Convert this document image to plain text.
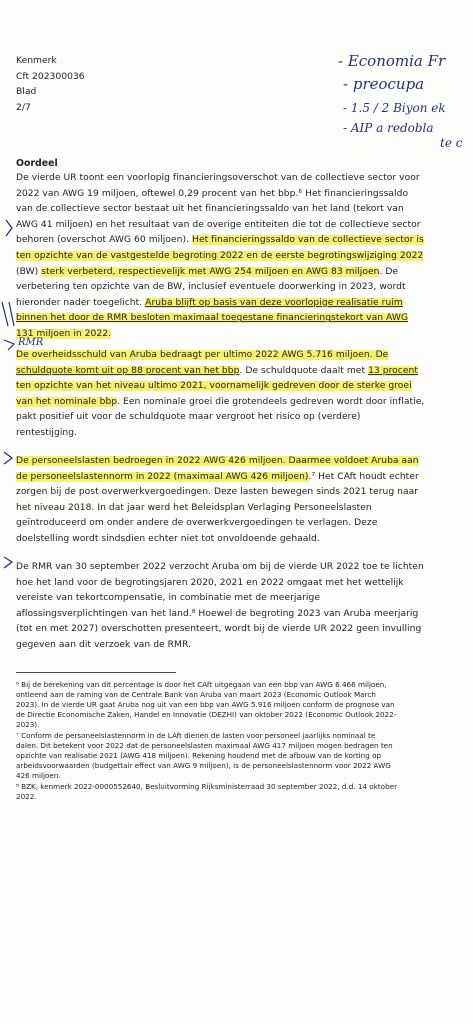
Kenmerk
Cft 202300036
Blad
2/7
- Economia Fr
- preocupa
- 1.5 / 2 Biyon ek
- AIP a redobla
te c
Oordeel
De vierde UR toont een voorlopig financieringsoverschot van de collectieve sector voor
2022 van AWG 19 miljoen, oftewel 0,29 procent van het bbp.⁶ Het financieringssaldo
van de collectieve sector bestaat uit het financieringssaldo van het land (tekort van
AWG 41 miljoen) en het resultaat van de overige entiteiten die tot de collectieve sector
behoren (overschot AWG 60 miljoen). Het financieringssaldo van de collectieve sector is
ten opzichte van de vastgestelde begroting 2022 en de eerste begrotingswijziging 2022
(BW) sterk verbeterd, respectievelijk met AWG 254 miljoen en AWG 83 miljoen. De
verbetering ten opzichte van de BW, inclusief eventuele doorwerking in 2023, wordt
hieronder nader toegelicht. Aruba blijft op basis van deze voorlopige realisatie ruim
binnen het door de RMR besloten maximaal toegestane financieringstekort van AWG
131 miljoen in 2022.
De overheidsschuld van Aruba bedraagt per ultimo 2022 AWG 5.716 miljoen. De
schuldquote komt uit op 88 procent van het bbp. De schuldquote daalt met 13 procent
ten opzichte van het niveau ultimo 2021, voornamelijk gedreven door de sterke groei
van het nominale bbp. Een nominale groei die grotendeels gedreven wordt door inflatie,
pakt positief uit voor de schuldquote maar vergroot het risico op (verdere)
rentestijging.
De personeelslasten bedroegen in 2022 AWG 426 miljoen. Daarmee voldoet Aruba aan
de personeelslastennorm in 2022 (maximaal AWG 426 miljoen).⁷ Het CAft houdt echter
zorgen bij de post overwerkvergoedingen. Deze lasten bewegen sinds 2021 terug naar
het niveau 2018. In dat jaar werd het Beleidsplan Verlaging Personeelslasten
geïntroduceerd om onder andere de overwerkvergoedingen te verlagen. Deze
doelstelling wordt sindsdien echter niet tot onvoldoende gehaald.
De RMR van 30 september 2022 verzocht Aruba om bij de vierde UR 2022 toe te lichten
hoe het land voor de begrotingsjaren 2020, 2021 en 2022 omgaat met het wettelijk
vereiste van tekortcompensatie, in combinatie met de meerjarige
aflossingsverplichtingen van het land.⁸ Hoewel de begroting 2023 van Aruba meerjarig
(tot en met 2027) overschotten presenteert, wordt bij de vierde UR 2022 geen invulling
gegeven aan dit verzoek van de RMR.
RMR
⁶ Bij de berekening van dit percentage is door het CAft uitgegaan van een bbp van AWG 6.466 miljoen,
ontleend aan de raming van de Centrale Bank van Aruba van maart 2023 (Economic Outlook March
2023). In de vierde UR gaat Aruba nog uit van een bbp van AWG 5.916 miljoen conform de prognose van
de Directie Economische Zaken, Handel en Innovatie (DEZHI) van oktober 2022 (Economic Outlook 2022-
2023).
⁷ Conform de personeelslastennorm in de LAft dienen de lasten voor personeel jaarlijks nominaal te
dalen. Dit betekent voor 2022 dat de personeelslasten maximaal AWG 417 miljoen mogen bedragen ten
opzichte van realisatie 2021 (AWG 418 miljoen). Rekening houdend met de afbouw van de korting op
arbeidsvoorwaarden (budgettair effect van AWG 9 miljoen), is de personeelslastennorm voor 2022 AWG
426 miljoen.
⁸ BZK, kenmerk 2022-0000552640, Besluitvorming Rijksministerraad 30 september 2022, d.d. 14 oktober
2022.
